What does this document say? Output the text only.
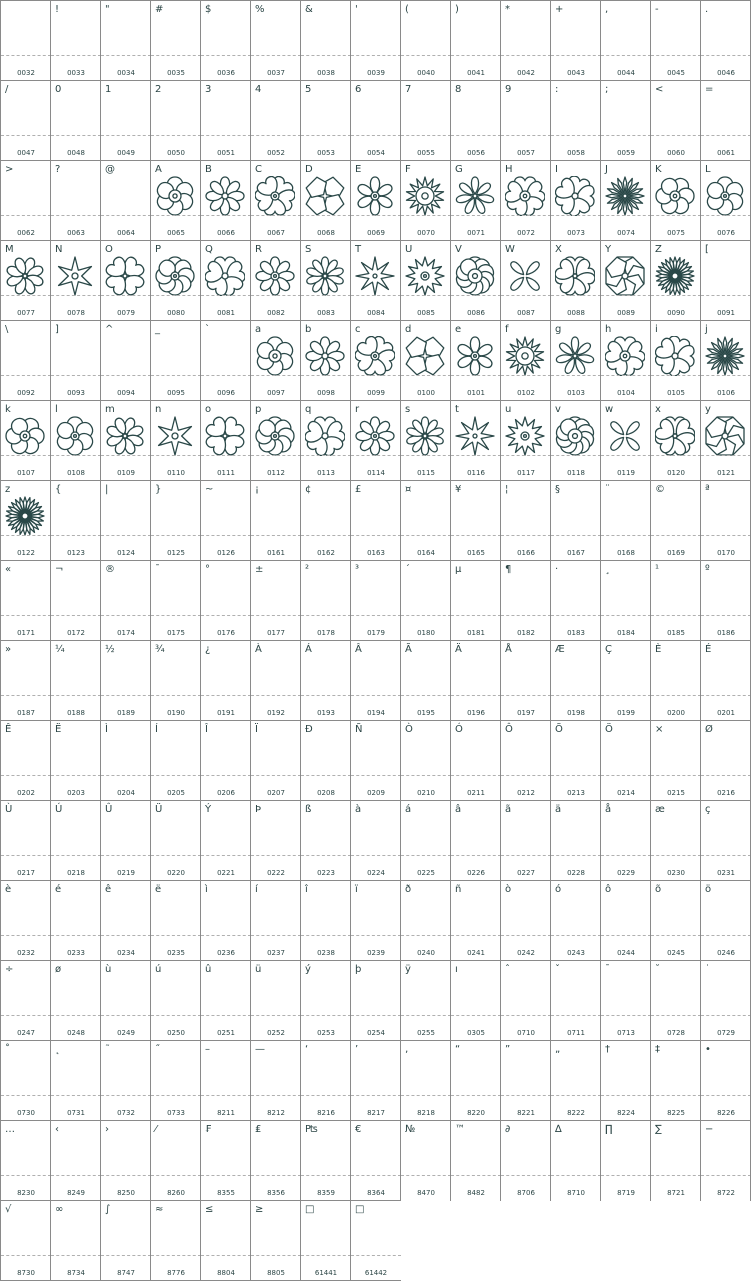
0032
!
0033
"
0034
#
0035
$
0036
%
0037
&
0038
'
0039
(
0040
)
0041
*
0042
+
0043
,
0044
-
0045
.
0046
/
0047
0
0048
1
0049
2
0050
3
0051
4
0052
5
0053
6
0054
7
0055
8
0056
9
0057
:
0058
;
0059
<
0060
=
0061
>
0062
?
0063
@
0064
A
0065
B
0066
C
0067
D
0068
E
0069
F
0070
G
0071
H
0072
I
0073
J
0074
K
0075
L
0076
M
0077
N
0078
O
0079
P
0080
Q
0081
R
0082
S
0083
T
0084
U
0085
V
0086
W
0087
X
0088
Y
0089
Z
0090
[
0091
\
0092
]
0093
^
0094
_
0095
`
0096
a
0097
b
0098
c
0099
d
0100
e
0101
f
0102
g
0103
h
0104
i
0105
j
0106
k
0107
l
0108
m
0109
n
0110
o
0111
p
0112
q
0113
r
0114
s
0115
t
0116
u
0117
v
0118
w
0119
x
0120
y
0121
z
0122
{
0123
|
0124
}
0125
~
0126
¡
0161
¢
0162
£
0163
¤
0164
¥
0165
¦
0166
§
0167
¨
0168
©
0169
ª
0170
«
0171
¬
0172
®
0174
¯
0175
°
0176
±
0177
²
0178
³
0179
´
0180
µ
0181
¶
0182
·
0183
¸
0184
¹
0185
º
0186
»
0187
¼
0188
½
0189
¾
0190
¿
0191
À
0192
Á
0193
Â
0194
Ã
0195
Ä
0196
Å
0197
Æ
0198
Ç
0199
È
0200
É
0201
Ê
0202
Ë
0203
Ì
0204
Í
0205
Î
0206
Ï
0207
Ð
0208
Ñ
0209
Ò
0210
Ó
0211
Ô
0212
Õ
0213
Ö
0214
×
0215
Ø
0216
Ù
0217
Ú
0218
Û
0219
Ü
0220
Ý
0221
Þ
0222
ß
0223
à
0224
á
0225
â
0226
ã
0227
ä
0228
å
0229
æ
0230
ç
0231
è
0232
é
0233
ê
0234
ë
0235
ì
0236
í
0237
î
0238
ï
0239
ð
0240
ñ
0241
ò
0242
ó
0243
ô
0244
õ
0245
ö
0246
÷
0247
ø
0248
ù
0249
ú
0250
û
0251
ü
0252
ý
0253
þ
0254
ÿ
0255
ı
0305
ˆ
0710
ˇ
0711
ˉ
0713
˘
0728
˙
0729
˚
0730
˛
0731
˜
0732
˝
0733
–
8211
—
8212
‘
8216
’
8217
‚
8218
“
8220
”
8221
„
8222
†
8224
‡
8225
•
8226
…
8230
‹
8249
›
8250
⁄
8260
₣
8355
₤
8356
₧
8359
€
8364
№
8470
™
8482
∂
8706
∆
8710
∏
8719
∑
8721
−
8722
√
8730
∞
8734
∫
8747
≈
8776
≤
8804
≥
8805
□
61441
□
61442
